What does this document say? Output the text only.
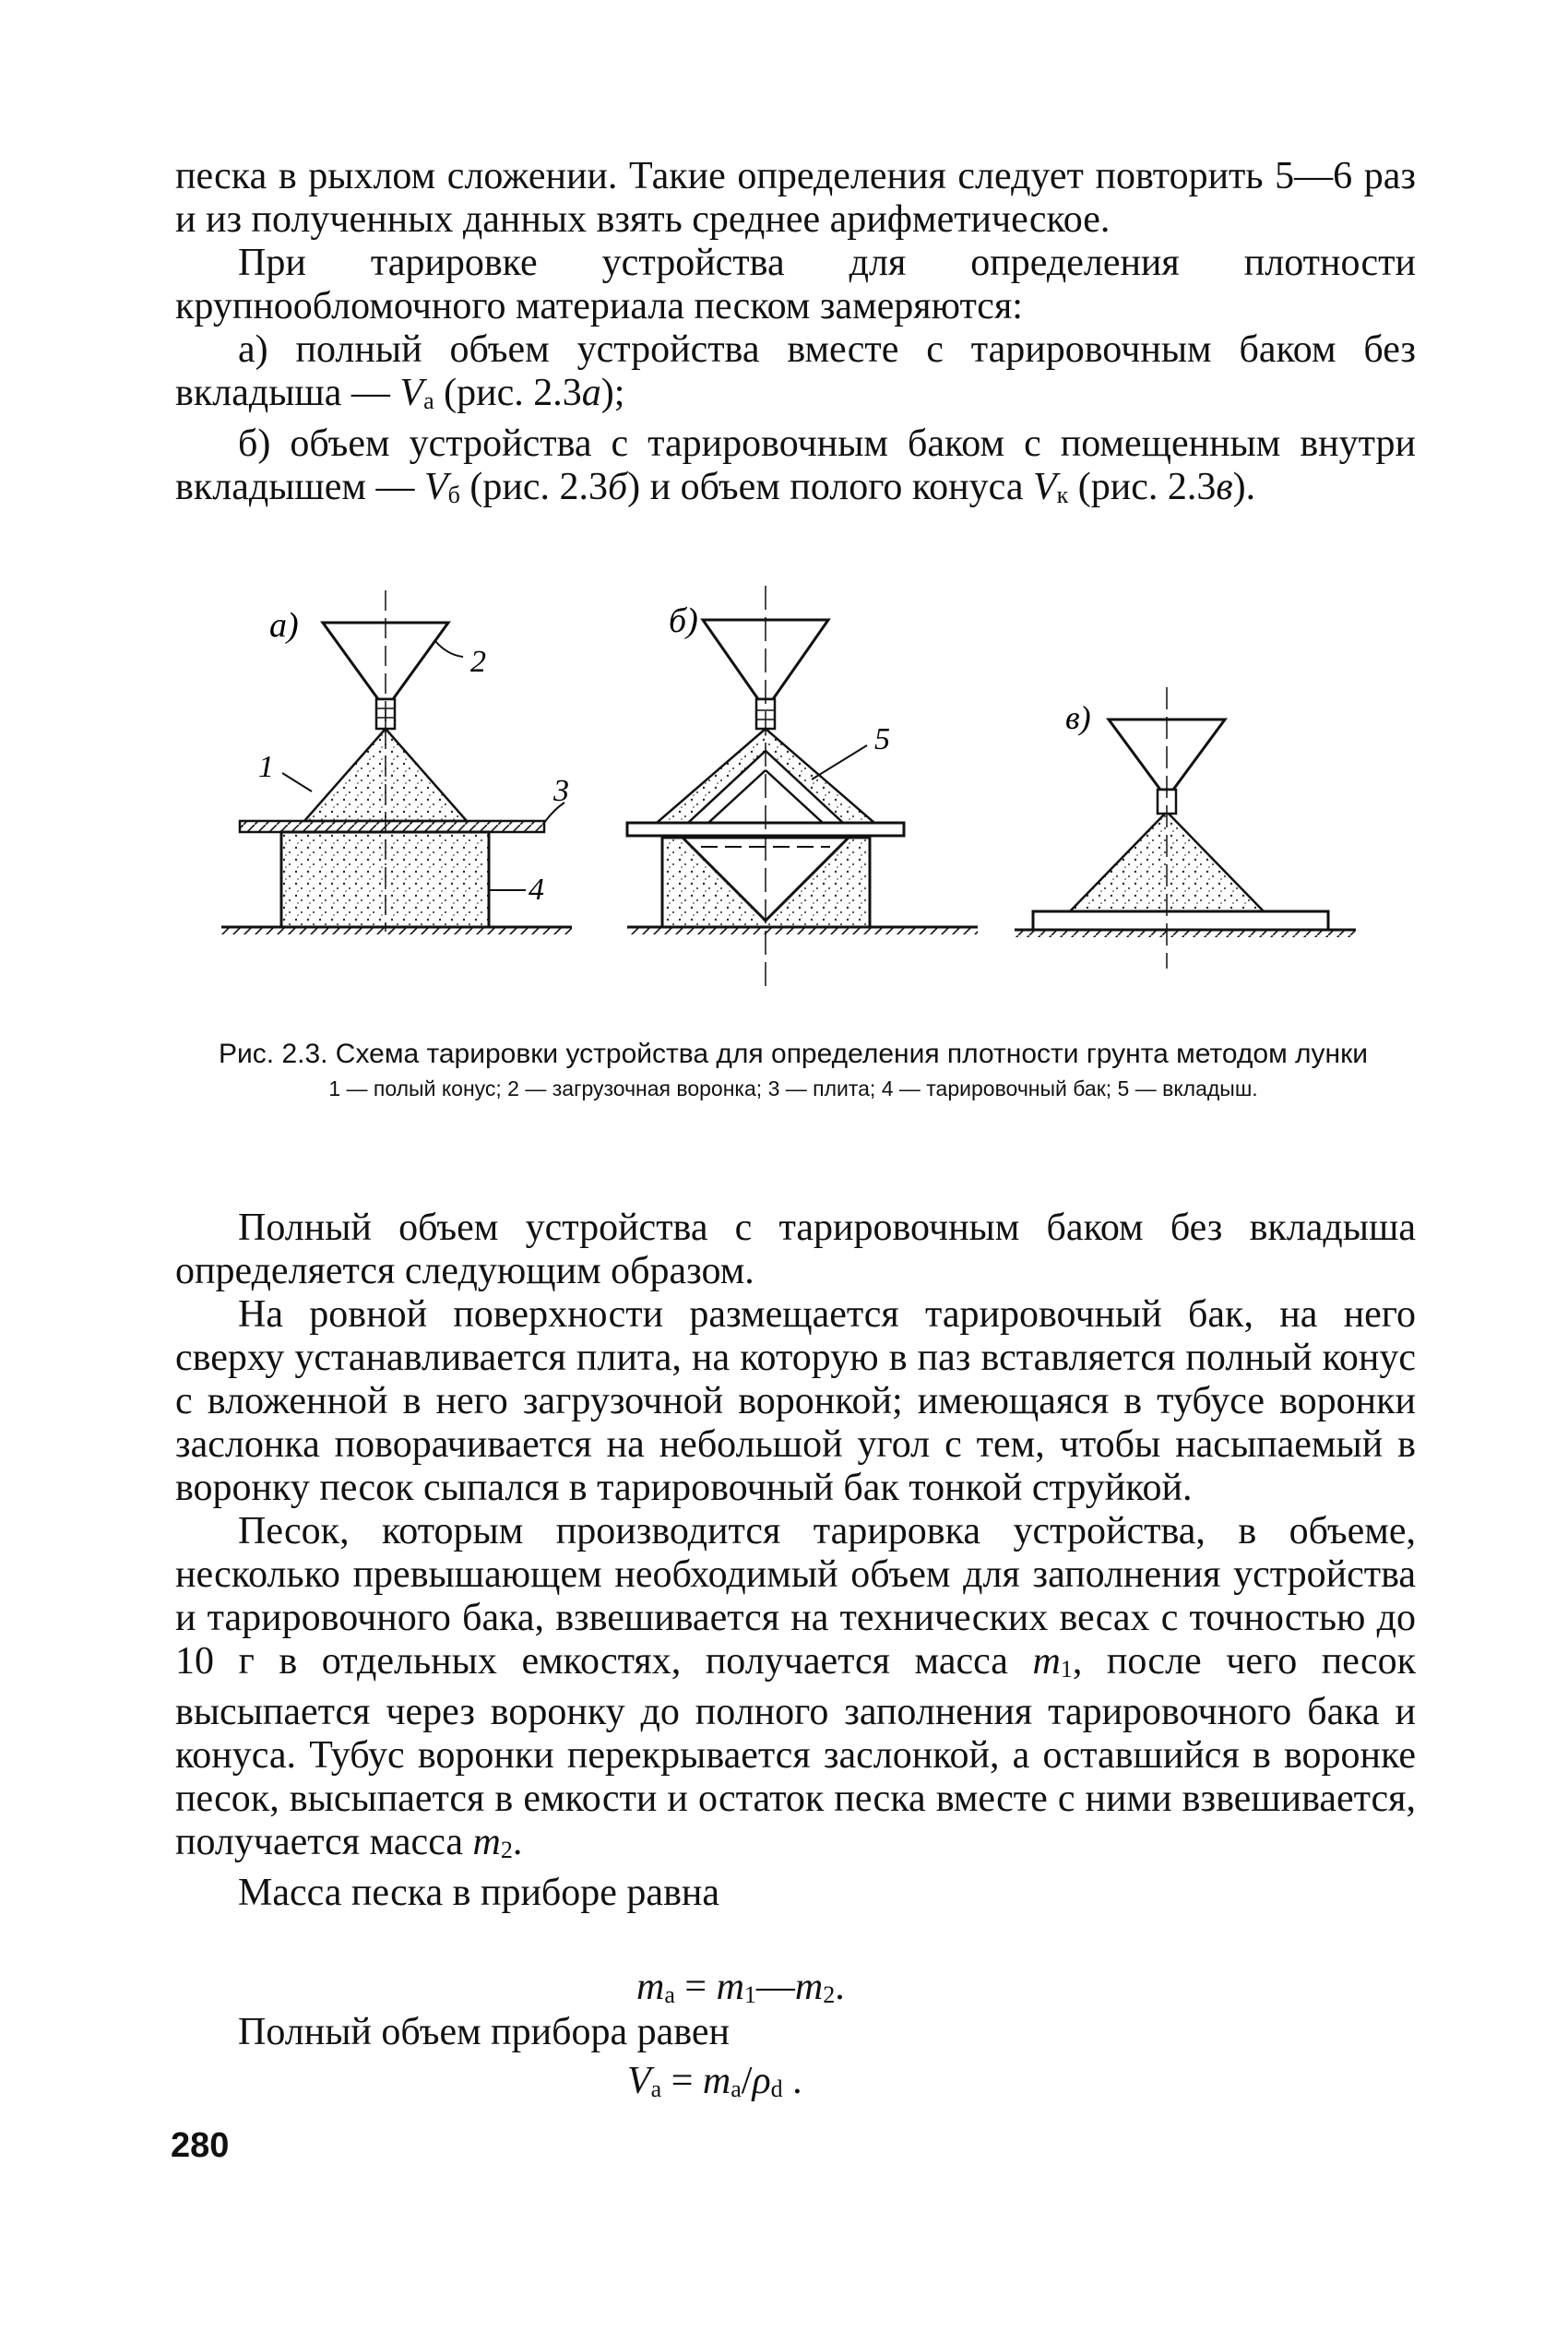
песка в рыхлом сложении. Такие определения следует повторить 5—6 раз и из полученных данных взять среднее арифметическое.

При тарировке устройства для определения плотности крупнообломочного материала песком замеряются:

а) полный объем устройства вместе с тарировочным баком без вкладыша — Vа (рис. 2.3а);

б) объем устройства с тарировочным баком с помещенным внутри вкладышем — Vб (рис. 2.3б) и объем полого конуса Vк (рис. 2.3в).

а)
2
1
3
4
б)
5
в)

Рис. 2.3. Схема тарировки устройства для определения плотности грунта методом лунки

1 — полый конус; 2 — загрузочная воронка; 3 — плита; 4 — тарировочный бак; 5 — вкладыш.

Полный объем устройства с тарировочным баком без вкладыша определяется следующим образом.

На ровной поверхности размещается тарировочный бак, на него сверху устанавливается плита, на которую в паз вставляется полный конус с вложенной в него загрузочной воронкой; имеющаяся в тубусе воронки заслонка поворачивается на небольшой угол с тем, чтобы насыпаемый в воронку песок сыпался в тарировочный бак тонкой струйкой.

Песок, которым производится тарировка устройства, в объеме, несколько превышающем необходимый объем для заполнения устройства и тарировочного бака, взвешивается на технических весах с точностью до 10 г в отдельных емкостях, получается масса m1, после чего песок высыпается через воронку до полного заполнения тарировочного бака и конуса. Тубус воронки перекрывается заслонкой, а оставшийся в воронке песок, высыпается в емкости и остаток песка вместе с ними взвешивается, получается масса m2.

Масса песка в приборе равна

mа = m1—m2.

Полный объем прибора равен

Vа = mа/ρd .
280
